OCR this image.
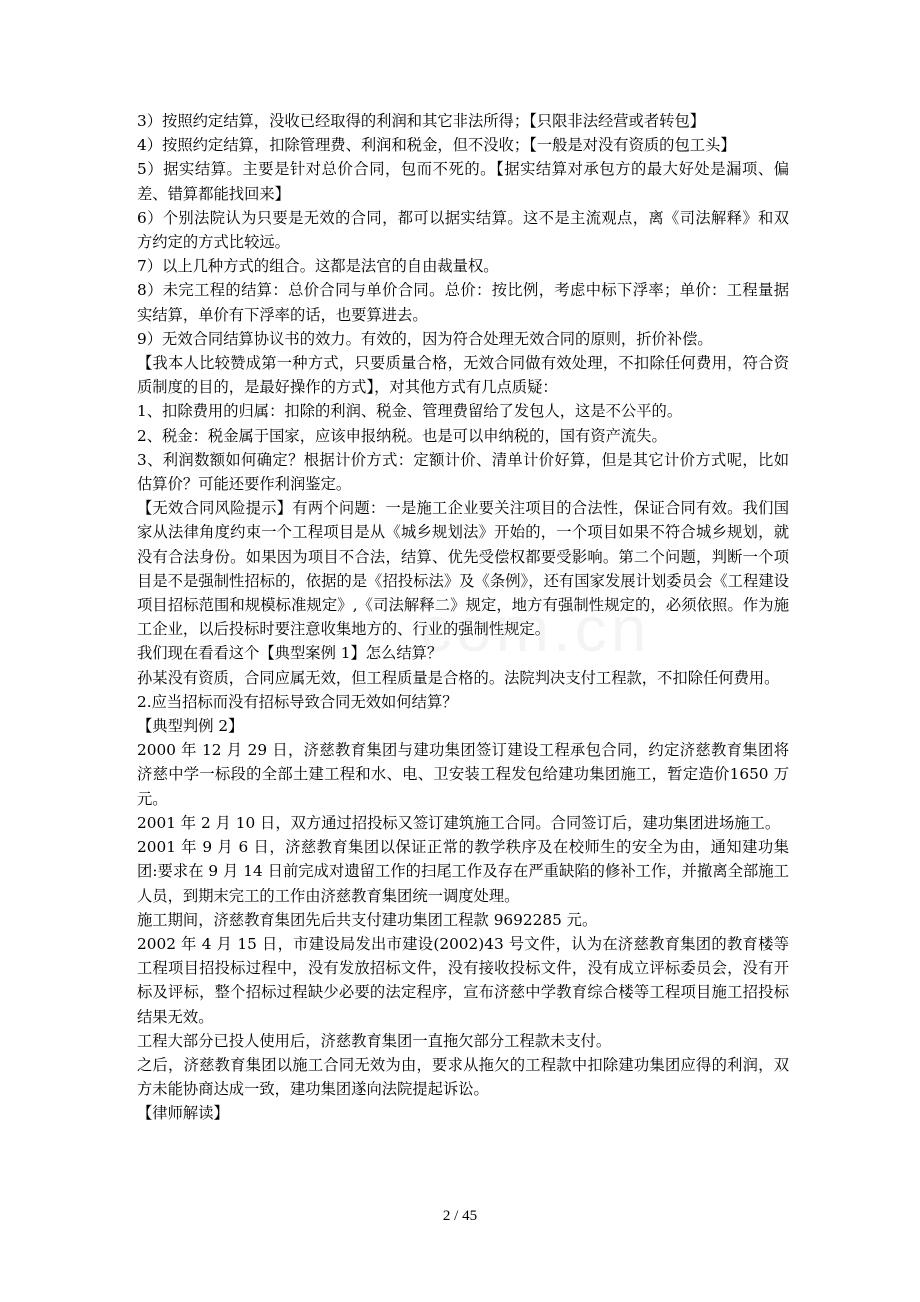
3）按照约定结算，没收已经取得的利润和其它非法所得；【只限非法经营或者转包】

4）按照约定结算，扣除管理费、利润和税金，但不没收；【一般是对没有资质的包工头】

5）据实结算。主要是针对总价合同，包而不死的。【据实结算对承包方的最大好处是漏项、偏差、错算都能找回来】

6）个别法院认为只要是无效的合同，都可以据实结算。这不是主流观点，离《司法解释》和双方约定的方式比较远。

7）以上几种方式的组合。这都是法官的自由裁量权。

8）未完工程的结算：总价合同与单价合同。总价：按比例，考虑中标下浮率；单价：工程量据实结算，单价有下浮率的话，也要算进去。

9）无效合同结算协议书的效力。有效的，因为符合处理无效合同的原则，折价补偿。

【我本人比较赞成第一种方式，只要质量合格，无效合同做有效处理，不扣除任何费用，符合资质制度的目的，是最好操作的方式】，对其他方式有几点质疑：

1、扣除费用的归属：扣除的利润、税金、管理费留给了发包人，这是不公平的。

2、税金：税金属于国家，应该申报纳税。也是可以申纳税的，国有资产流失。

3、利润数额如何确定？根据计价方式：定额计价、清单计价好算，但是其它计价方式呢，比如估算价？可能还要作利润鉴定。

【无效合同风险提示】有两个问题：一是施工企业要关注项目的合法性，保证合同有效。我们国家从法律角度约束一个工程项目是从《城乡规划法》开始的，一个项目如果不符合城乡规划，就没有合法身份。如果因为项目不合法，结算、优先受偿权都要受影响。第二个问题，判断一个项目是不是强制性招标的，依据的是《招投标法》及《条例》，还有国家发展计划委员会《工程建设项目招标范围和规模标准规定》,《司法解释二》规定，地方有强制性规定的，必须依照。作为施工企业，以后投标时要注意收集地方的、行业的强制性规定。

我们现在看看这个【典型案例 1】怎么结算？

孙某没有资质，合同应属无效，但工程质量是合格的。法院判决支付工程款，不扣除任何费用。

2.应当招标而没有招标导致合同无效如何结算？

【典型判例 2】

2000 年 12 月 29 日，济慈教育集团与建功集团签订建设工程承包合同，约定济慈教育集团将济慈中学一标段的全部土建工程和水、电、卫安装工程发包给建功集团施工，暂定造价1650 万元。

2001 年 2 月 10 日，双方通过招投标又签订建筑施工合同。合同签订后，建功集团进场施工。

2001 年 9 月 6 日，济慈教育集团以保证正常的教学秩序及在校师生的安全为由，通知建功集团:要求在 9 月 14 日前完成对遗留工作的扫尾工作及存在严重缺陷的修补工作，并撤离全部施工人员，到期末完工的工作由济慈教育集团统一调度处理。

施工期间，济慈教育集团先后共支付建功集团工程款 9692285 元。

2002 年 4 月 15 日，市建设局发出市建设(2002)43 号文件，认为在济慈教育集团的教育楼等工程项目招投标过程中，没有发放招标文件，没有接收投标文件，没有成立评标委员会，没有开标及评标，整个招标过程缺少必要的法定程序，宣布济慈中学教育综合楼等工程项目施工招投标结果无效。

工程大部分已投人使用后，济慈教育集团一直拖欠部分工程款未支付。

之后，济慈教育集团以施工合同无效为由，要求从拖欠的工程款中扣除建功集团应得的利润，双方未能协商达成一致，建功集团遂向法院提起诉讼。

【律师解读】

2 / 45
